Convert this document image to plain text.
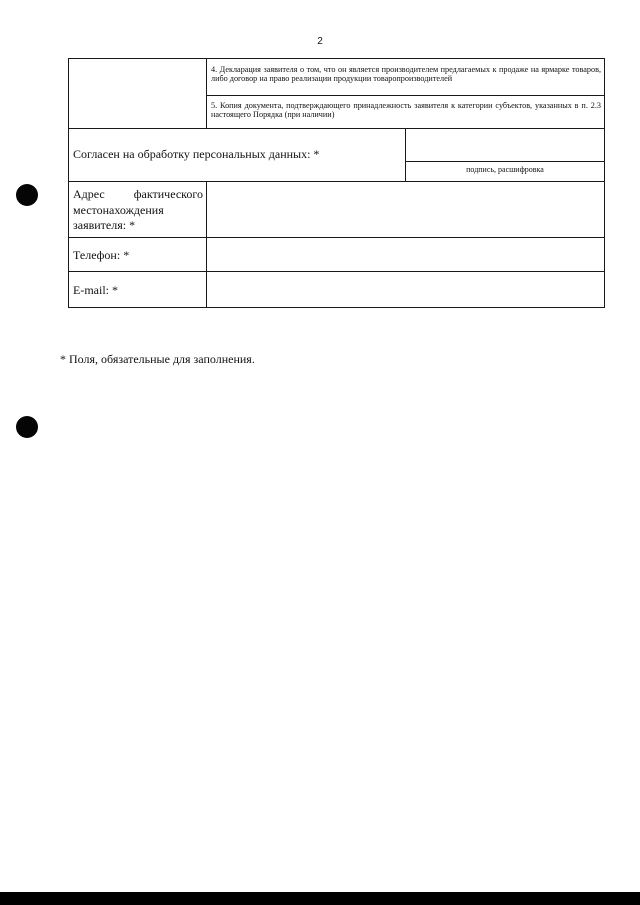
2
4. Декларация заявителя о том, что он является производителем предлагаемых к продаже на ярмарке товаров, либо договор на право реализации продукции товаропроизводителей
5. Копия документа, подтверждающего принадлежность заявителя к категории субъектов, указанных в п. 2.3 настоящего Порядка (при наличии)
Согласен на обработку персональных данных: *
подпись, расшифровка
Адрес фактического
местонахождения
заявителя: *
Телефон: *
E-mail: *
* Поля, обязательные для заполнения.
